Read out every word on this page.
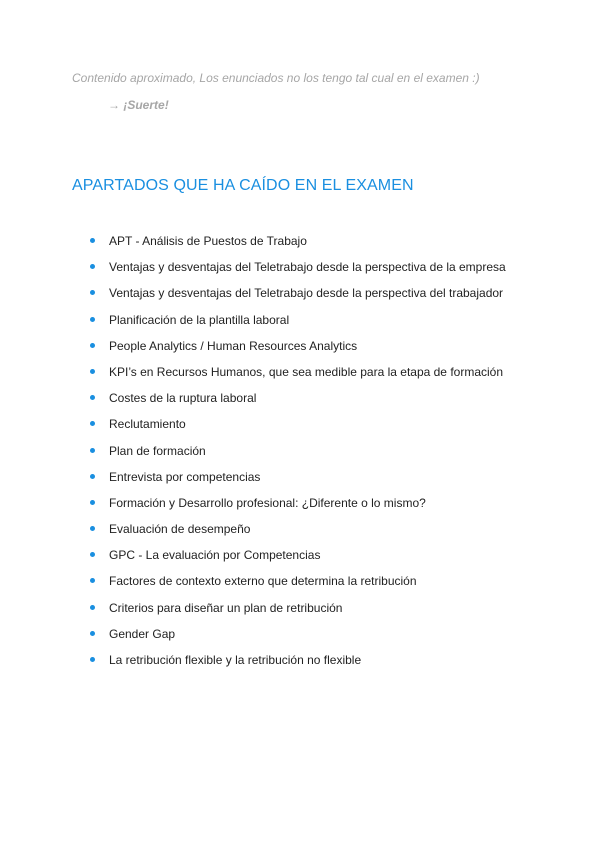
Contenido aproximado, Los enunciados no los tengo tal cual en el examen :)
→ ¡Suerte!
APARTADOS QUE HA CAÍDO EN EL EXAMEN
APT - Análisis de Puestos de Trabajo
Ventajas y desventajas del Teletrabajo desde la perspectiva de la empresa
Ventajas y desventajas del Teletrabajo desde la perspectiva del trabajador
Planificación de la plantilla laboral
People Analytics / Human Resources Analytics
KPI’s en Recursos Humanos, que sea medible para la etapa de formación
Costes de la ruptura laboral
Reclutamiento
Plan de formación
Entrevista por competencias
Formación y Desarrollo profesional: ¿Diferente o lo mismo?
Evaluación de desempeño
GPC - La evaluación por Competencias
Factores de contexto externo que determina la retribución
Criterios para diseñar un plan de retribución
Gender Gap
La retribución flexible y la retribución no flexible
